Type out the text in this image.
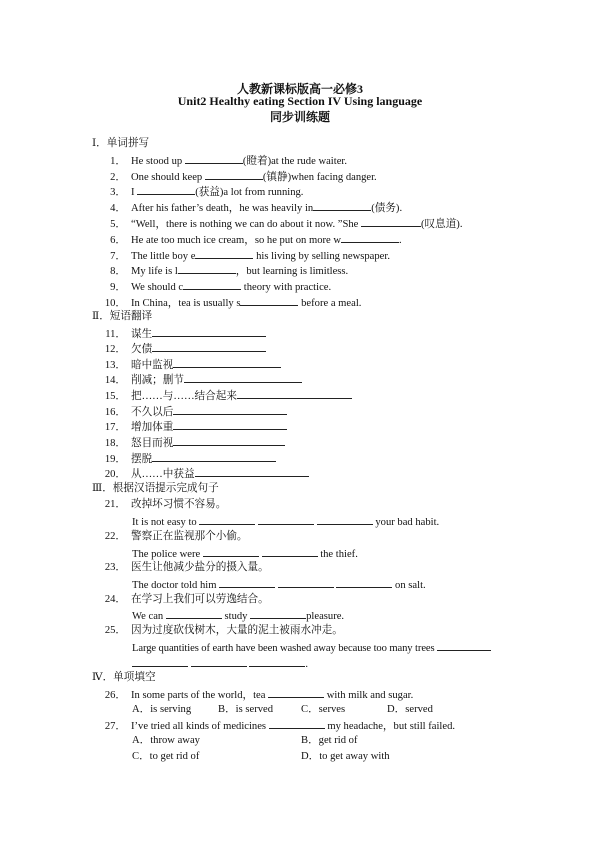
人教新课标版高一必修3
Unit2 Healthy eating Section IV Using language
同步训练题
Ⅰ．单词拼写
1． He stood up	(瞪着)at the rude waiter.
2． One should keep	(镇静)when facing danger.
3． I	(获益)a lot from running.
4． After his father’s death，he was heavily in	(债务).
5． “Well，there is nothing we can do about it now. ”She	(叹息道).
6． He ate too much ice cream，so he put on more w	.
7． The little boy e	his living by selling newspaper.
8． My life is l	，but learning is limitless.
9． We should c	theory with practice.
10． In China，tea is usually s	before a meal.
Ⅱ．短语翻译
11． 谋生
12． 欠债
13． 暗中监视
14． 削减；删节
15． 把……与……结合起来
16． 不久以后
17． 增加体重
18． 怒目而视
19． 摆脱
20． 从……中获益
Ⅲ．根据汉语提示完成句子
21． 改掉坏习惯不容易。
It is not easy to	your bad habit.
22． 警察正在监视那个小偷。
The police were	the thief.
23． 医生让他减少盐分的摄入量。
The doctor told him	on salt.
24． 在学习上我们可以劳逸结合。
We can	study	pleasure.
25． 因为过度砍伐树木，大量的泥土被雨水冲走。
Large quantities of earth have been washed away because too many trees
.
Ⅳ．单项填空
26． In some parts of the world，tea	with milk and sugar.
A．is serving	B．is served	C．serves	D．served
27． I’ve tried all kinds of medicines	my headache，but still failed.
A．throw away	B．get rid of
C．to get rid of	D．to get away with
